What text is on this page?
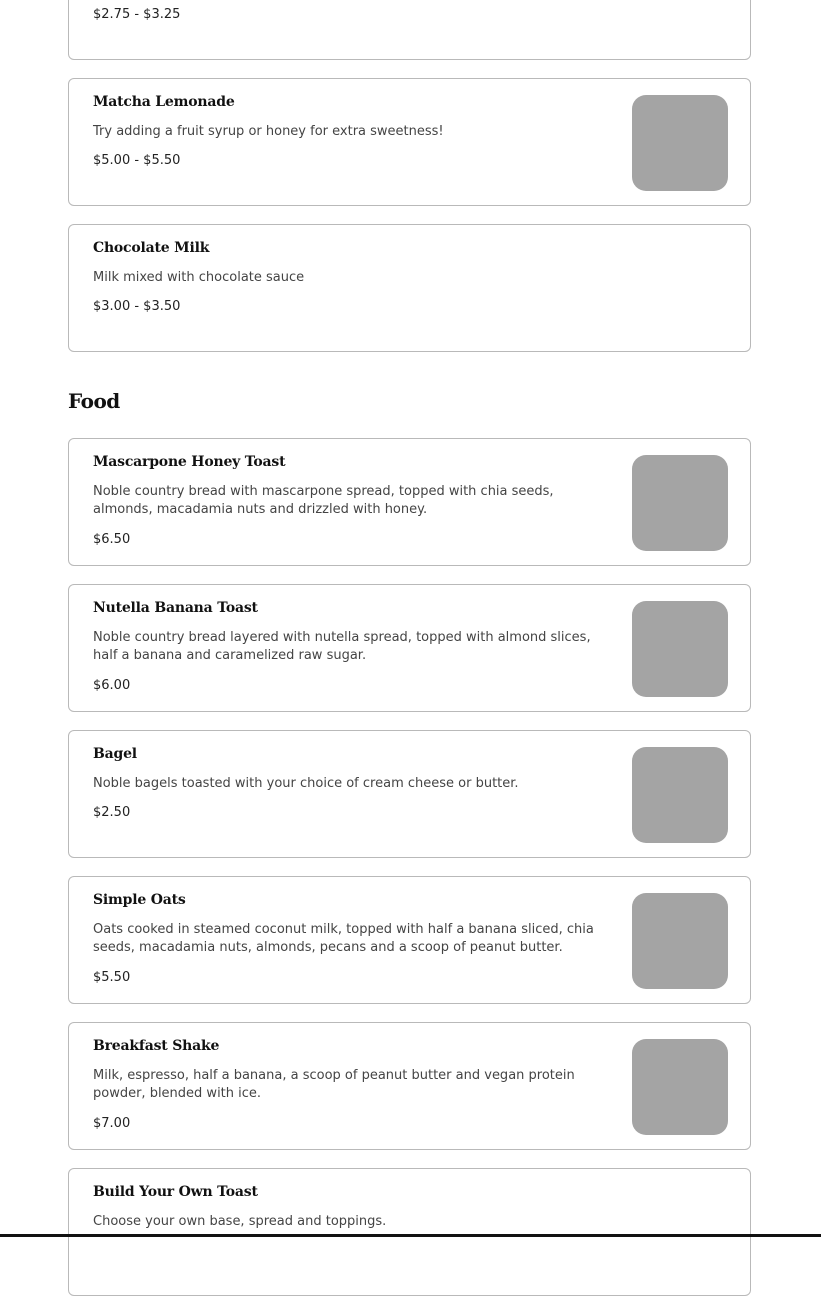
$2.75 - $3.25
Matcha Lemonade
Try adding a fruit syrup or honey for extra sweetness!
$5.00 - $5.50
Chocolate Milk
Milk mixed with chocolate sauce
$3.00 - $3.50
Food
Mascarpone Honey Toast
Noble country bread with mascarpone spread, topped with chia seeds, almonds, macadamia nuts and drizzled with honey.
$6.50
Nutella Banana Toast
Noble country bread layered with nutella spread, topped with almond slices, half a banana and caramelized raw sugar.
$6.00
Bagel
Noble bagels toasted with your choice of cream cheese or butter.
$2.50
Simple Oats
Oats cooked in steamed coconut milk, topped with half a banana sliced, chia seeds, macadamia nuts, almonds, pecans and a scoop of peanut butter.
$5.50
Breakfast Shake
Milk, espresso, half a banana, a scoop of peanut butter and vegan protein powder, blended with ice.
$7.00
Build Your Own Toast
Choose your own base, spread and toppings.
